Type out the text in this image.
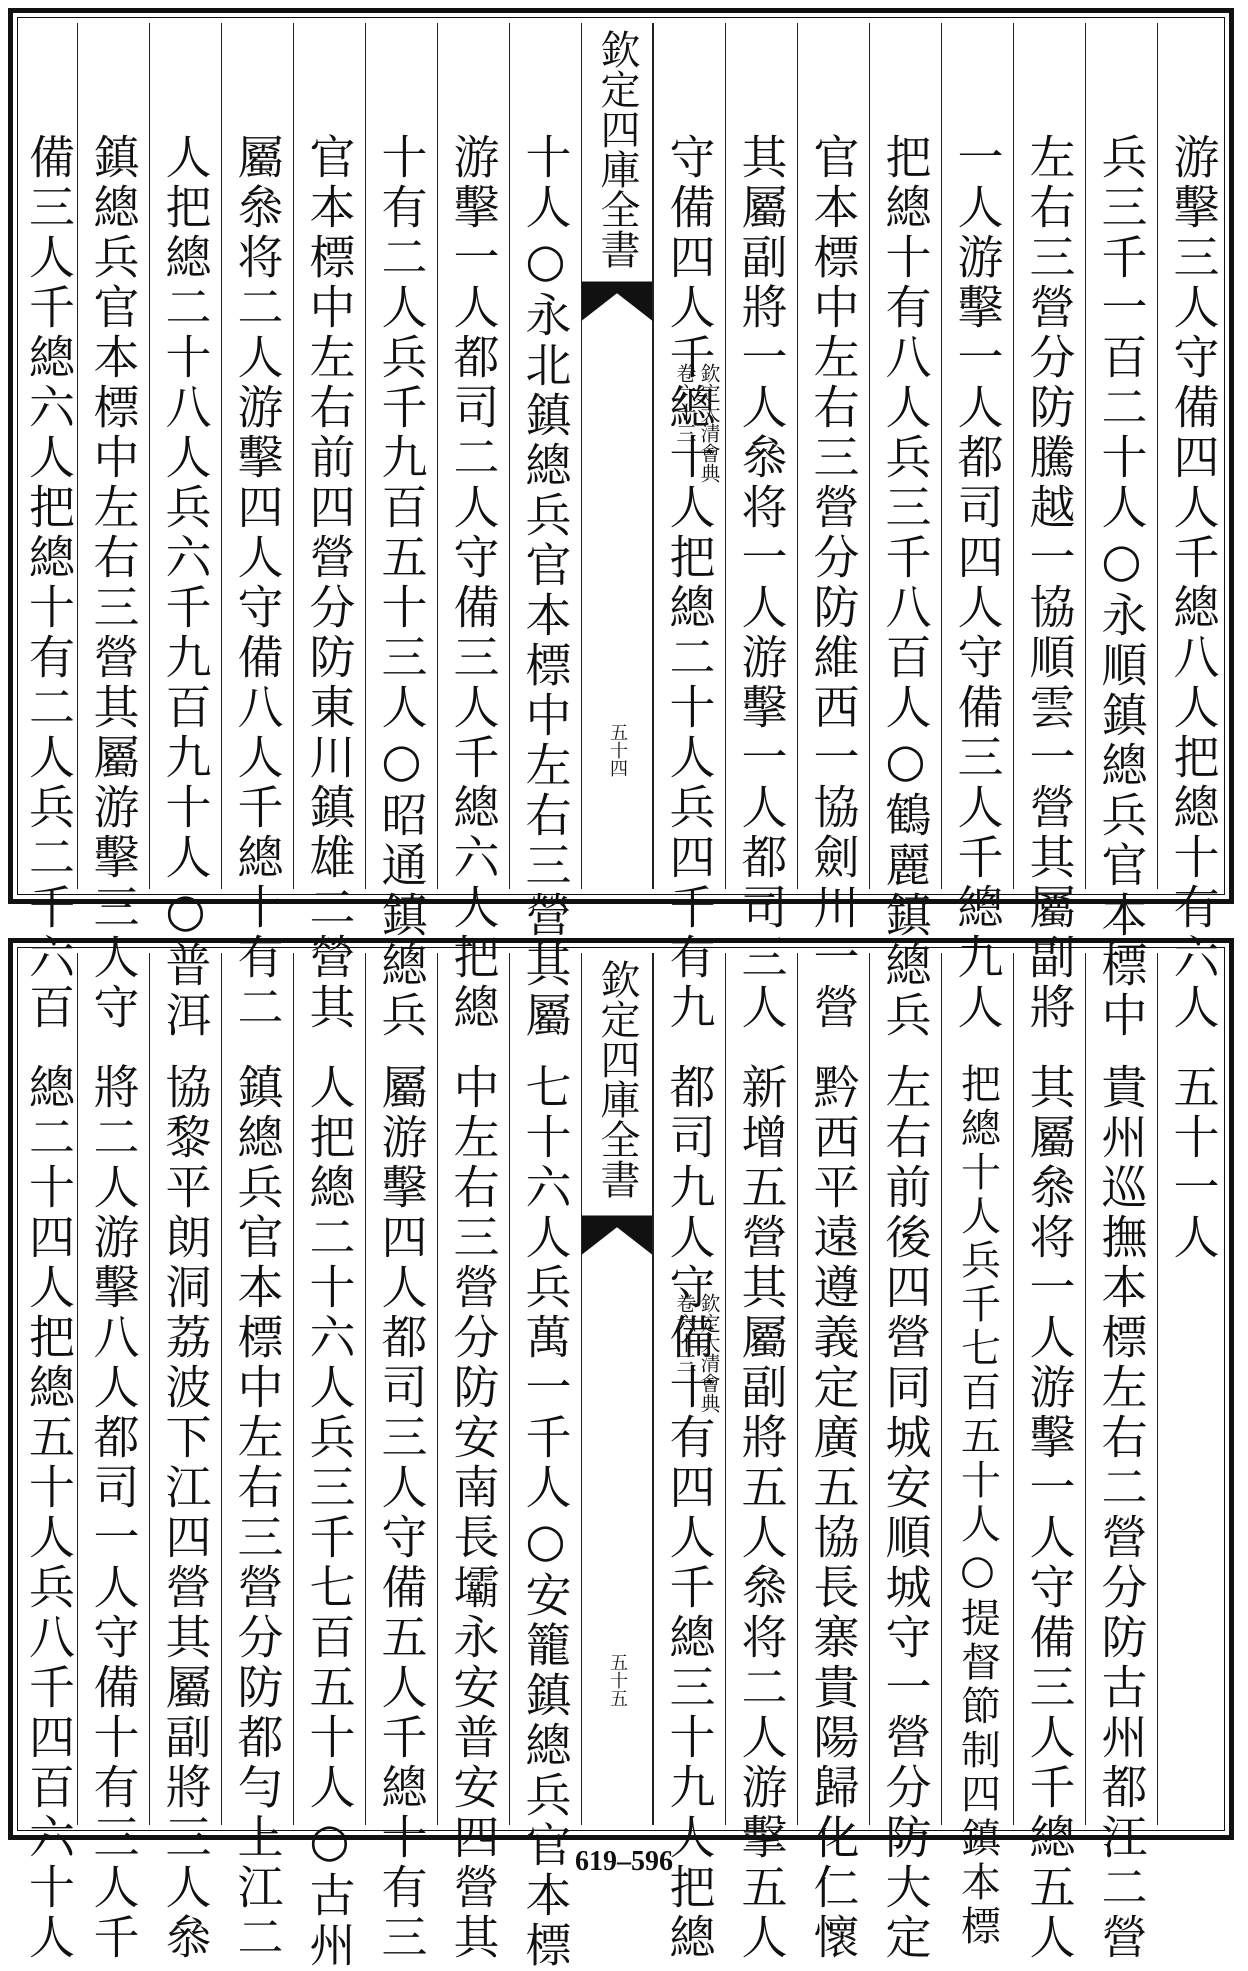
游擊三人守備四人千總八人把總十有六人
兵三千一百二十人○永順鎮總兵官本標中
左右三營分防騰越一協順雲一營其屬副將
一人游擊一人都司四人守備三人千總九人
把總十有八人兵三千八百人○鶴麗鎮總兵
官本標中左右三營分防維西一協劍川一營
其屬副將一人叅将一人游擊一人都司三人
守備四人千總十人把總二十人兵四千有九
欽定四庫全書
欽定大清會典
卷六十三
五十四
十人○永北鎮總兵官本標中左右三營其屬
游擊一人都司二人守備三人千總六人把總
十有二人兵千九百五十三人○昭通鎮總兵
官本標中左右前四營分防東川鎮雄二營其
屬叅将二人游擊四人守備八人千總十有二
人把總二十八人兵六千九百九十人○普洱
鎮總兵官本標中左右三營其屬游擊三人守
備三人千總六人把總十有二人兵二千六百
五十一人
貴州巡撫本標左右二營分防古州都江二營
其屬叅将一人游擊一人守備三人千總五人
把總十人兵千七百五十人○提督節制四鎮本標
左右前後四營同城安順城守一營分防大定
黔西平遠遵義定廣五協長寨貴陽歸化仁懷
新增五營其屬副將五人叅将二人游擊五人
都司九人守備十有四人千總三十九人把總
欽定四庫全書
欽定大清會典
卷六十三
五十五
七十六人兵萬一千人○安籠鎮總兵官本標
中左右三營分防安南長壩永安普安四營其
屬游擊四人都司三人守備五人千總十有三
人把總二十六人兵三千七百五十人○古州
鎮總兵官本標中左右三營分防都勻上江二
協黎平朗洞荔波下江四營其屬副將三人叅
將二人游擊八人都司一人守備十有三人千
總二十四人把總五十人兵八千四百六十人	619–596
